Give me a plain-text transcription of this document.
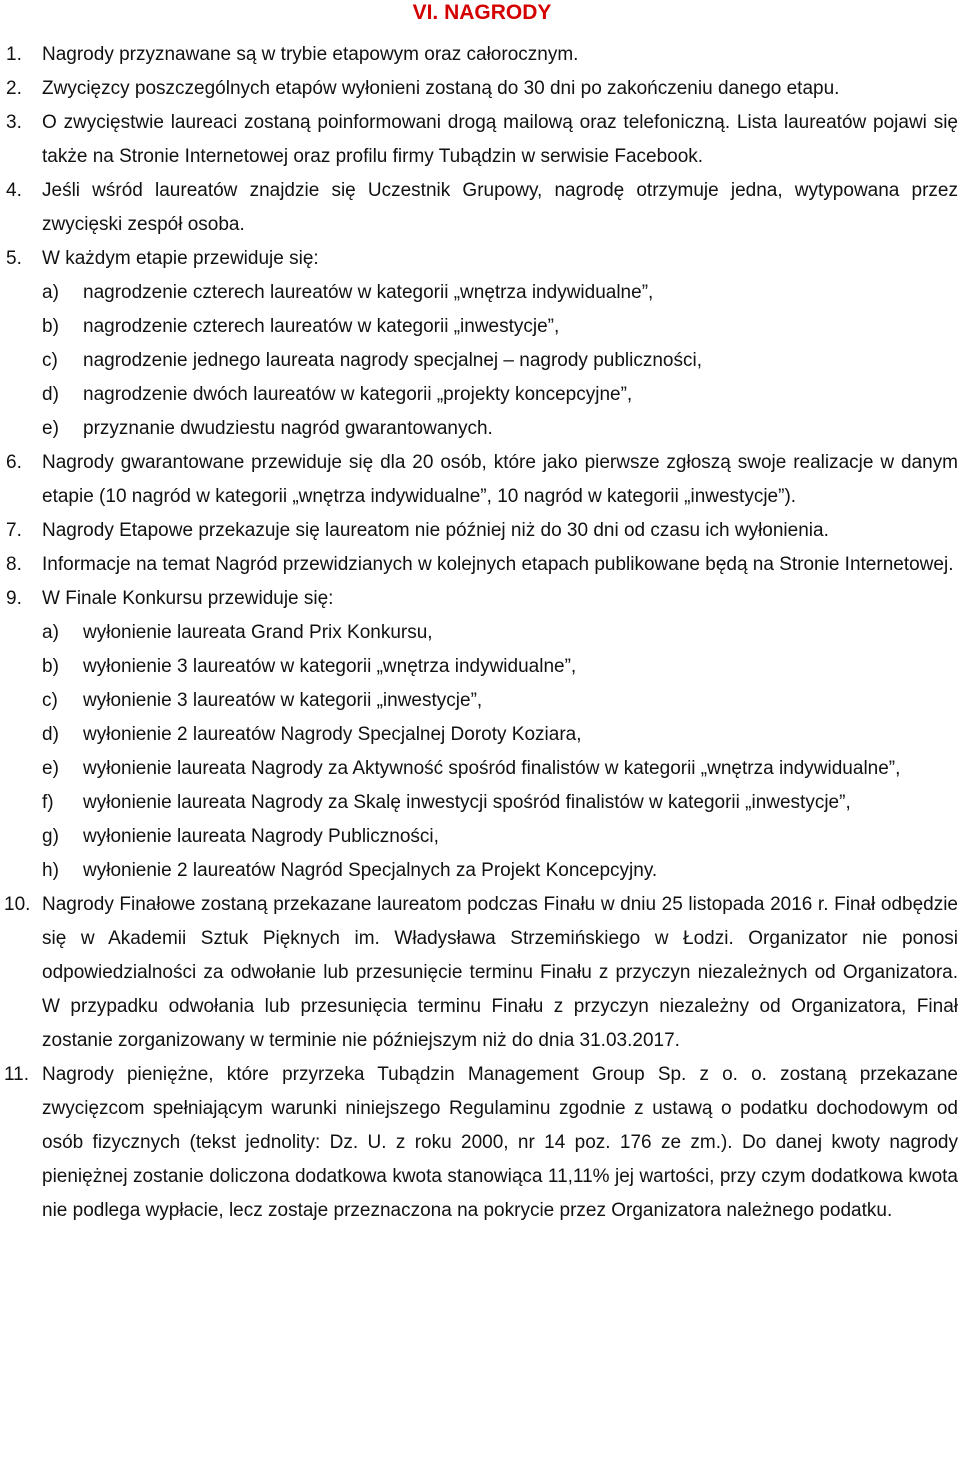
VI. NAGRODY
1. Nagrody przyznawane są w trybie etapowym oraz całorocznym.
2. Zwycięzcy poszczególnych etapów wyłonieni zostaną do 30 dni po zakończeniu danego etapu.
3. O zwycięstwie laureaci zostaną poinformowani drogą mailową oraz telefoniczną. Lista laureatów pojawi się także na Stronie Internetowej oraz profilu firmy Tubądzin w serwisie Facebook.
4. Jeśli wśród laureatów znajdzie się Uczestnik Grupowy, nagrodę otrzymuje jedna, wytypowana przez zwycięski zespół osoba.
5. W każdym etapie przewiduje się:
a) nagrodzenie czterech laureatów w kategorii „wnętrza indywidualne”,
b) nagrodzenie czterech laureatów w kategorii „inwestycje”,
c) nagrodzenie jednego laureata nagrody specjalnej – nagrody publiczności,
d) nagrodzenie dwóch laureatów w kategorii „projekty koncepcyjne”,
e) przyznanie dwudziestu nagród gwarantowanych.
6. Nagrody gwarantowane przewiduje się dla 20 osób, które jako pierwsze zgłoszą swoje realizacje w danym etapie (10 nagród w kategorii „wnętrza indywidualne”, 10 nagród w kategorii „inwestycje”).
7. Nagrody Etapowe przekazuje się laureatom nie później niż do 30 dni od czasu ich wyłonienia.
8. Informacje na temat Nagród przewidzianych w kolejnych etapach publikowane będą na Stronie Internetowej.
9. W Finale Konkursu przewiduje się:
a) wyłonienie laureata Grand Prix Konkursu,
b) wyłonienie 3 laureatów w kategorii „wnętrza indywidualne”,
c) wyłonienie 3 laureatów w kategorii „inwestycje”,
d) wyłonienie 2 laureatów Nagrody Specjalnej Doroty Koziara,
e) wyłonienie laureata Nagrody za Aktywność spośród finalistów w kategorii „wnętrza indywidualne”,
f) wyłonienie laureata Nagrody za Skalę inwestycji spośród finalistów w kategorii „inwestycje”,
g) wyłonienie laureata Nagrody Publiczności,
h) wyłonienie 2 laureatów Nagród Specjalnych za Projekt Koncepcyjny.
10. Nagrody Finałowe zostaną przekazane laureatom podczas Finału w dniu 25 listopada 2016 r. Finał odbędzie się w Akademii Sztuk Pięknych im. Władysława Strzemińskiego w Łodzi. Organizator nie ponosi odpowiedzialności za odwołanie lub przesunięcie terminu Finału z przyczyn niezależnych od Organizatora. W przypadku odwołania lub przesunięcia terminu Finału z przyczyn niezależny od Organizatora, Finał zostanie zorganizowany w terminie nie późniejszym niż do dnia 31.03.2017.
11. Nagrody pieniężne, które przyrzeka Tubądzin Management Group Sp. z o. o. zostaną przekazane zwycięzcom spełniającym warunki niniejszego Regulaminu zgodnie z ustawą o podatku dochodowym od osób fizycznych (tekst jednolity: Dz. U. z roku 2000, nr 14 poz. 176 ze zm.). Do danej kwoty nagrody pieniężnej zostanie doliczona dodatkowa kwota stanowiąca 11,11% jej wartości, przy czym dodatkowa kwota nie podlega wypłacie, lecz zostaje przeznaczona na pokrycie przez Organizatora należnego podatku.
